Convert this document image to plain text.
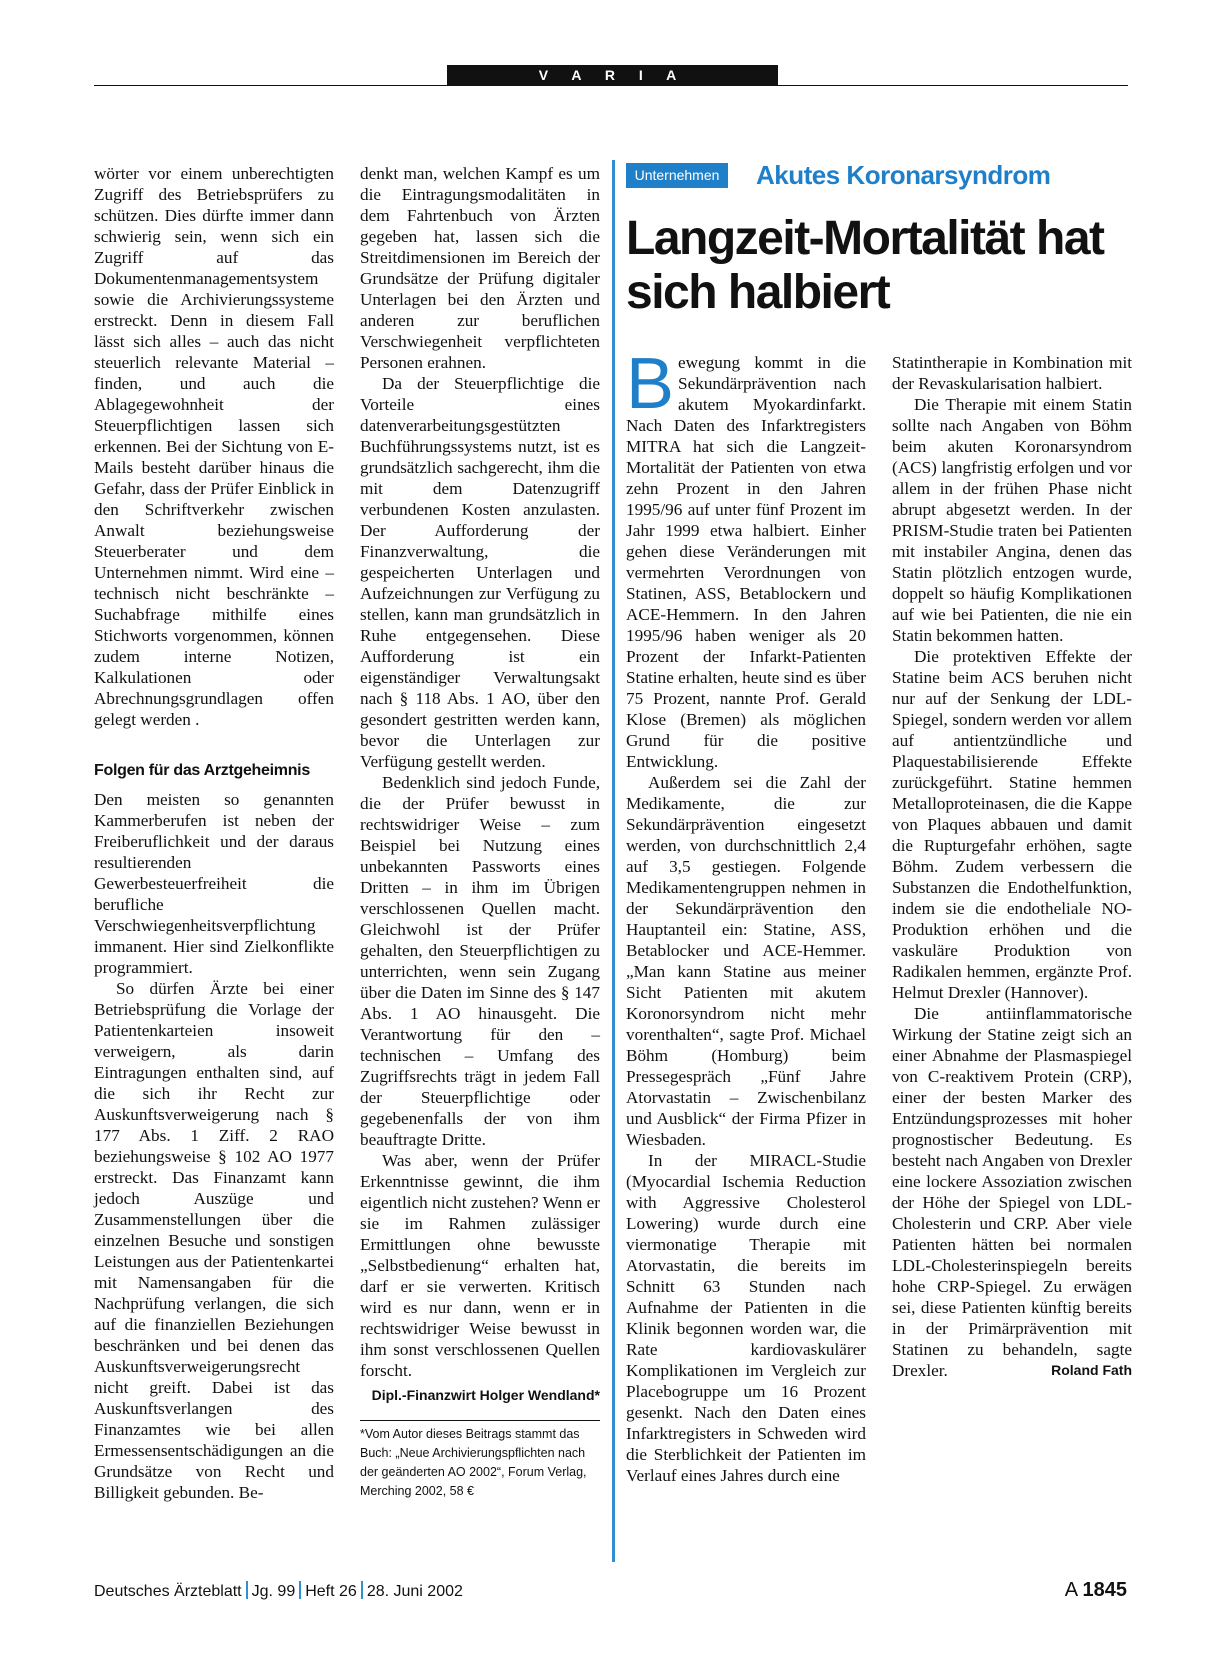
V A R I A

wörter vor einem unberechtigten Zugriff des Betriebsprüfers zu schützen. Dies dürfte immer dann schwierig sein, wenn sich ein Zugriff auf das Dokumentenmanagementsystem sowie die Archivierungssysteme erstreckt. Denn in diesem Fall lässt sich alles – auch das nicht steuerlich relevante Material – finden, und auch die Ablagegewohnheit der Steuerpflichtigen lassen sich erkennen. Bei der Sichtung von E-Mails besteht darüber hinaus die Gefahr, dass der Prüfer Einblick in den Schriftverkehr zwischen Anwalt beziehungsweise Steuerberater und dem Unternehmen nimmt. Wird eine – technisch nicht beschränkte – Suchabfrage mithilfe eines Stichworts vorgenommen, können zudem interne Notizen, Kalkulationen oder Abrechnungsgrundlagen offen gelegt werden .

Folgen für das Arztgeheimnis

Den meisten so genannten Kammerberufen ist neben der Freiberuflichkeit und der daraus resultierenden Gewerbesteuerfreiheit die berufliche Verschwiegenheitsverpflichtung immanent. Hier sind Zielkonflikte programmiert.

So dürfen Ärzte bei einer Betriebsprüfung die Vorlage der Patientenkarteien insoweit verweigern, als darin Eintragungen enthalten sind, auf die sich ihr Recht zur Auskunftsverweigerung nach § 177 Abs. 1 Ziff. 2 RAO beziehungsweise § 102 AO 1977 erstreckt. Das Finanzamt kann jedoch Auszüge und Zusammenstellungen über die einzelnen Besuche und sonstigen Leistungen aus der Patientenkartei mit Namensangaben für die Nachprüfung verlangen, die sich auf die finanziellen Beziehungen beschränken und bei denen das Auskunftsverweigerungsrecht nicht greift. Dabei ist das Auskunftsverlangen des Finanzamtes wie bei allen Ermessensentschädigungen an die Grundsätze von Recht und Billigkeit gebunden. Be-

denkt man, welchen Kampf es um die Eintragungsmodalitäten in dem Fahrtenbuch von Ärzten gegeben hat, lassen sich die Streitdimensionen im Bereich der Grundsätze der Prüfung digitaler Unterlagen bei den Ärzten und anderen zur beruflichen Verschwiegenheit verpflichteten Personen erahnen.

Da der Steuerpflichtige die Vorteile eines datenverarbeitungsgestützten Buchführungssystems nutzt, ist es grundsätzlich sachgerecht, ihm die mit dem Datenzugriff verbundenen Kosten anzulasten. Der Aufforderung der Finanzverwaltung, die gespeicherten Unterlagen und Aufzeichnungen zur Verfügung zu stellen, kann man grundsätzlich in Ruhe entgegensehen. Diese Aufforderung ist ein eigenständiger Verwaltungsakt nach § 118 Abs. 1 AO, über den gesondert gestritten werden kann, bevor die Unterlagen zur Verfügung gestellt werden.

Bedenklich sind jedoch Funde, die der Prüfer bewusst in rechtswidriger Weise – zum Beispiel bei Nutzung eines unbekannten Passworts eines Dritten – in ihm im Übrigen verschlossenen Quellen macht. Gleichwohl ist der Prüfer gehalten, den Steuerpflichtigen zu unterrichten, wenn sein Zugang über die Daten im Sinne des § 147 Abs. 1 AO hinausgeht. Die Verantwortung für den – technischen – Umfang des Zugriffsrechts trägt in jedem Fall der Steuerpflichtige oder gegebenenfalls der von ihm beauftragte Dritte.

Was aber, wenn der Prüfer Erkenntnisse gewinnt, die ihm eigentlich nicht zustehen? Wenn er sie im Rahmen zulässiger Ermittlungen ohne bewusste „Selbstbedienung“ erhalten hat, darf er sie verwerten. Kritisch wird es nur dann, wenn er in rechtswidriger Weise bewusst in ihm sonst verschlossenen Quellen forscht.

Dipl.-Finanzwirt Holger Wendland*
*Vom Autor dieses Beitrags stammt das Buch: „Neue Archivierungspflichten nach der geänderten AO 2002“, Forum Verlag, Merching 2002, 58 €
Unternehmen	Akutes Koronarsyndrom
Langzeit-Mortalität hat sich halbiert

Bewegung kommt in die Sekundärprävention nach akutem Myokardinfarkt. Nach Daten des Infarktregisters MITRA hat sich die Langzeit-Mortalität der Patienten von etwa zehn Prozent in den Jahren 1995/96 auf unter fünf Prozent im Jahr 1999 etwa halbiert. Einher gehen diese Veränderungen mit vermehrten Verordnungen von Statinen, ASS, Betablockern und ACE-Hemmern. In den Jahren 1995/96 haben weniger als 20 Prozent der Infarkt-Patienten Statine erhalten, heute sind es über 75 Prozent, nannte Prof. Gerald Klose (Bremen) als möglichen Grund für die positive Entwicklung.

Außerdem sei die Zahl der Medikamente, die zur Sekundärprävention eingesetzt werden, von durchschnittlich 2,4 auf 3,5 gestiegen. Folgende Medikamentengruppen nehmen in der Sekundärprävention den Hauptanteil ein: Statine, ASS, Betablocker und ACE-Hemmer. „Man kann Statine aus meiner Sicht Patienten mit akutem Koronorsyndrom nicht mehr vorenthalten“, sagte Prof. Michael Böhm (Homburg) beim Pressegespräch „Fünf Jahre Atorvastatin – Zwischenbilanz und Ausblick“ der Firma Pfizer in Wiesbaden.

In der MIRACL-Studie (Myocardial Ischemia Reduction with Aggressive Cholesterol Lowering) wurde durch eine viermonatige Therapie mit Atorvastatin, die bereits im Schnitt 63 Stunden nach Aufnahme der Patienten in die Klinik begonnen worden war, die Rate kardiovaskulärer Komplikationen im Vergleich zur Placebogruppe um 16 Prozent gesenkt. Nach den Daten eines Infarktregisters in Schweden wird die Sterblichkeit der Patienten im Verlauf eines Jahres durch eine

Statintherapie in Kombination mit der Revaskularisation halbiert.

Die Therapie mit einem Statin sollte nach Angaben von Böhm beim akuten Koronarsyndrom (ACS) langfristig erfolgen und vor allem in der frühen Phase nicht abrupt abgesetzt werden. In der PRISM-Studie traten bei Patienten mit instabiler Angina, denen das Statin plötzlich entzogen wurde, doppelt so häufig Komplikationen auf wie bei Patienten, die nie ein Statin bekommen hatten.

Die protektiven Effekte der Statine beim ACS beruhen nicht nur auf der Senkung der LDL-Spiegel, sondern werden vor allem auf antientzündliche und Plaquestabilisierende Effekte zurückgeführt. Statine hemmen Metalloproteinasen, die die Kappe von Plaques abbauen und damit die Rupturgefahr erhöhen, sagte Böhm. Zudem verbessern die Substanzen die Endothelfunktion, indem sie die endotheliale NO-Produktion erhöhen und die vaskuläre Produktion von Radikalen hemmen, ergänzte Prof. Helmut Drexler (Hannover).

Die antiinflammatorische Wirkung der Statine zeigt sich an einer Abnahme der Plasmaspiegel von C-reaktivem Protein (CRP), einer der besten Marker des Entzündungsprozesses mit hoher prognostischer Bedeutung. Es besteht nach Angaben von Drexler eine lockere Assoziation zwischen der Höhe der Spiegel von LDL-Cholesterin und CRP. Aber viele Patienten hätten bei normalen LDL-Cholesterinspiegeln bereits hohe CRP-Spiegel. Zu erwägen sei, diese Patienten künftig bereits in der Primärprävention mit Statinen zu behandeln, sagte Drexler.	Roland Fath

Deutsches Ärzteblatt Jg. 99 Heft 26 28. Juni 2002	A 1845
